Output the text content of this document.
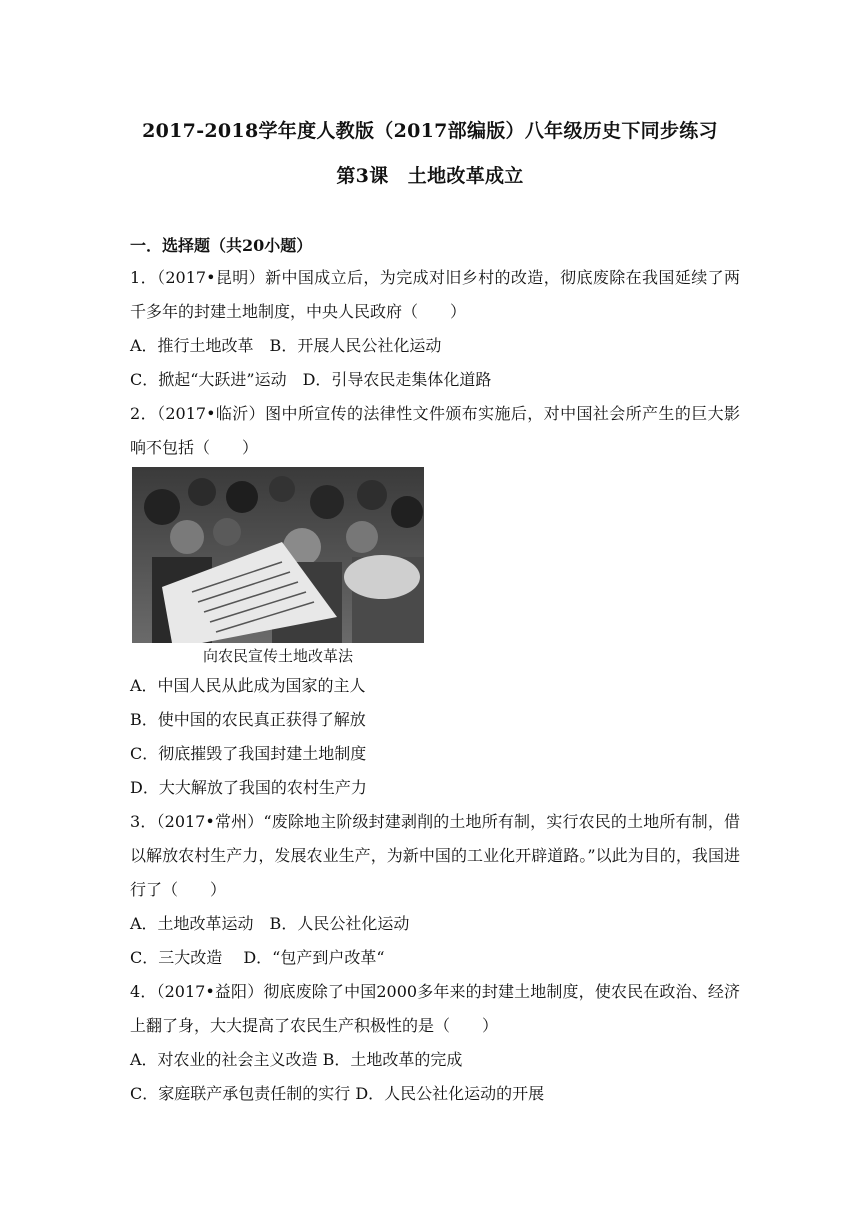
2017-2018学年度人教版（2017部编版）八年级历史下同步练习
第3课　土地改革成立
一．选择题（共20小题）

1．（2017•昆明）新中国成立后，为完成对旧乡村的改造，彻底废除在我国延续了两千多年的封建土地制度，中央人民政府（　　）

A．推行土地改革　B．开展人民公社化运动

C．掀起“大跃进”运动　D．引导农民走集体化道路

2．（2017•临沂）图中所宣传的法律性文件颁布实施后，对中国社会所产生的巨大影响不包括（　　）

向农民宣传土地改革法

A．中国人民从此成为国家的主人

B．使中国的农民真正获得了解放

C．彻底摧毁了我国封建土地制度

D．大大解放了我国的农村生产力

3．（2017•常州）“废除地主阶级封建剥削的土地所有制，实行农民的土地所有制，借以解放农村生产力，发展农业生产，为新中国的工业化开辟道路。”以此为目的，我国进行了（　　）

A．土地改革运动　B．人民公社化运动

C．三大改造　 D．“包产到户改革“

4．（2017•益阳）彻底废除了中国2000多年来的封建土地制度，使农民在政治、经济上翻了身，大大提高了农民生产积极性的是（　　）

A．对农业的社会主义改造 B．土地改革的完成

C．家庭联产承包责任制的实行 D．人民公社化运动的开展
